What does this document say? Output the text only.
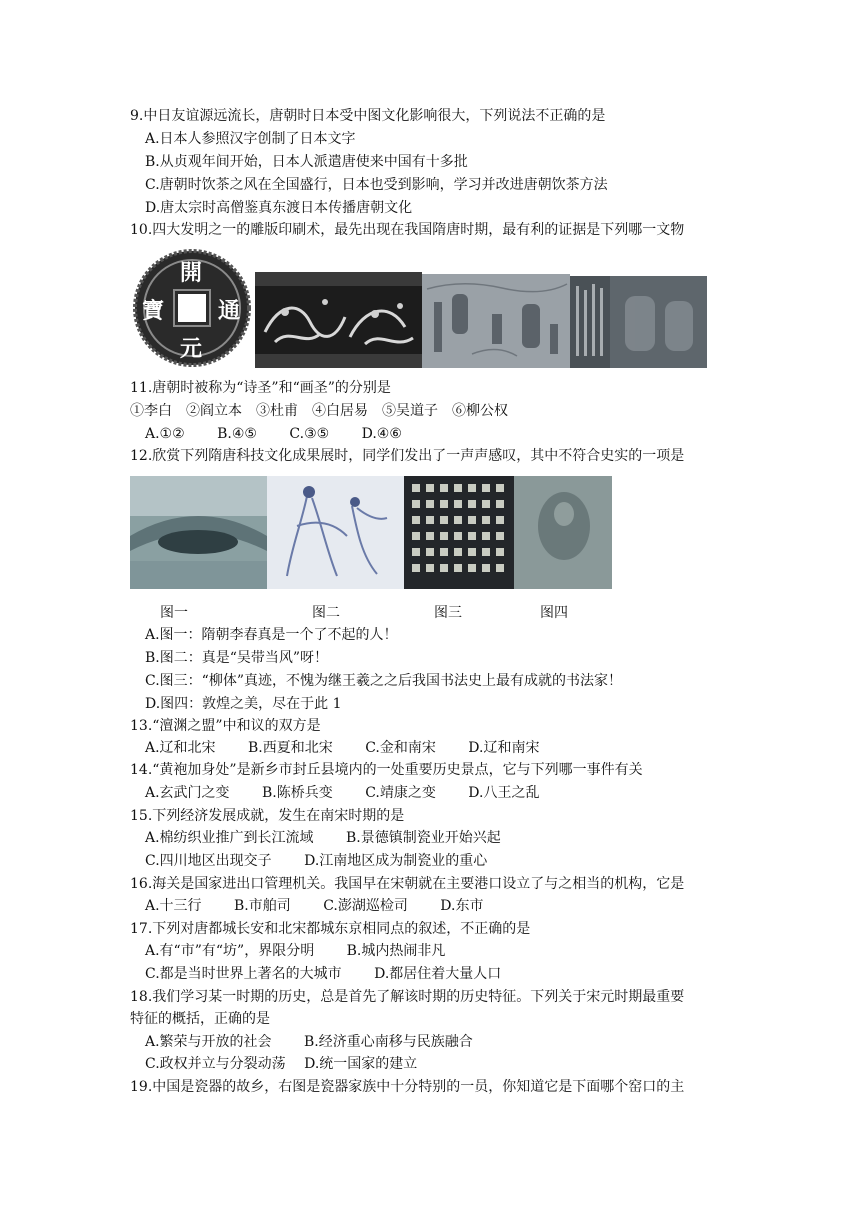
9.中日友谊源远流长，唐朝时日本受中图文化影响很大，下列说法不正确的是
A.日本人参照汉字创制了日本文字
B.从贞观年间开始，日本人派遣唐使来中国有十多批
C.唐朝时饮茶之风在全国盛行，日本也受到影响，学习并改进唐朝饮茶方法
D.唐太宗时高僧鉴真东渡日本传播唐朝文化
10.四大发明之一的雕版印刷术，最先出现在我国隋唐时期，最有利的证据是下列哪一文物
開
通
元
寶
11.唐朝时被称为“诗圣”和“画圣”的分别是
①李白　②阎立本　③杜甫　④白居易　⑤吴道子　⑥柳公权
A.①②　　 B.④⑤　　 C.③⑤　　 D.④⑥
12.欣赏下列隋唐科技文化成果展时，同学们发出了一声声感叹，其中不符合史实的一项是
图一	图二	图三	图四
A.图一：隋朝李春真是一个了不起的人！
B.图二：真是“吴带当风”呀！
C.图三：“柳体”真迹，不愧为继王羲之之后我国书法史上最有成就的书法家！
D.图四：敦煌之美，尽在于此 1
13.“澶渊之盟”中和议的双方是
A.辽和北宋　　 B.西夏和北宋　　 C.金和南宋　　 D.辽和南宋
14.“黄袍加身处”是新乡市封丘县境内的一处重要历史景点，它与下列哪一事件有关
A.玄武门之变　　 B.陈桥兵变　　 C.靖康之变　　 D.八王之乱
15.下列经济发展成就，发生在南宋时期的是
A.棉纺织业推广到长江流域　　 B.景德镇制瓷业开始兴起
C.四川地区出现交子　　 D.江南地区成为制瓷业的重心
16.海关是国家进出口管理机关。我国早在宋朝就在主要港口设立了与之相当的机构，它是
A.十三行　　 B.市舶司　　 C.澎湖巡检司　　 D.东市
17.下列对唐都城长安和北宋都城东京相同点的叙述，不正确的是
A.有“市”有“坊”，界限分明　　 B.城内热闹非凡
C.都是当时世界上著名的大城市　　 D.都居住着大量人口
18.我们学习某一时期的历史，总是首先了解该时期的历史特征。下列关于宋元时期最重要
特征的概括，正确的是
A.繁荣与开放的社会　　 B.经济重心南移与民族融合
C.政权并立与分裂动荡　 D.统一国家的建立
19.中国是瓷器的故乡，右图是瓷器家族中十分特别的一员，你知道它是下面哪个窑口的主
